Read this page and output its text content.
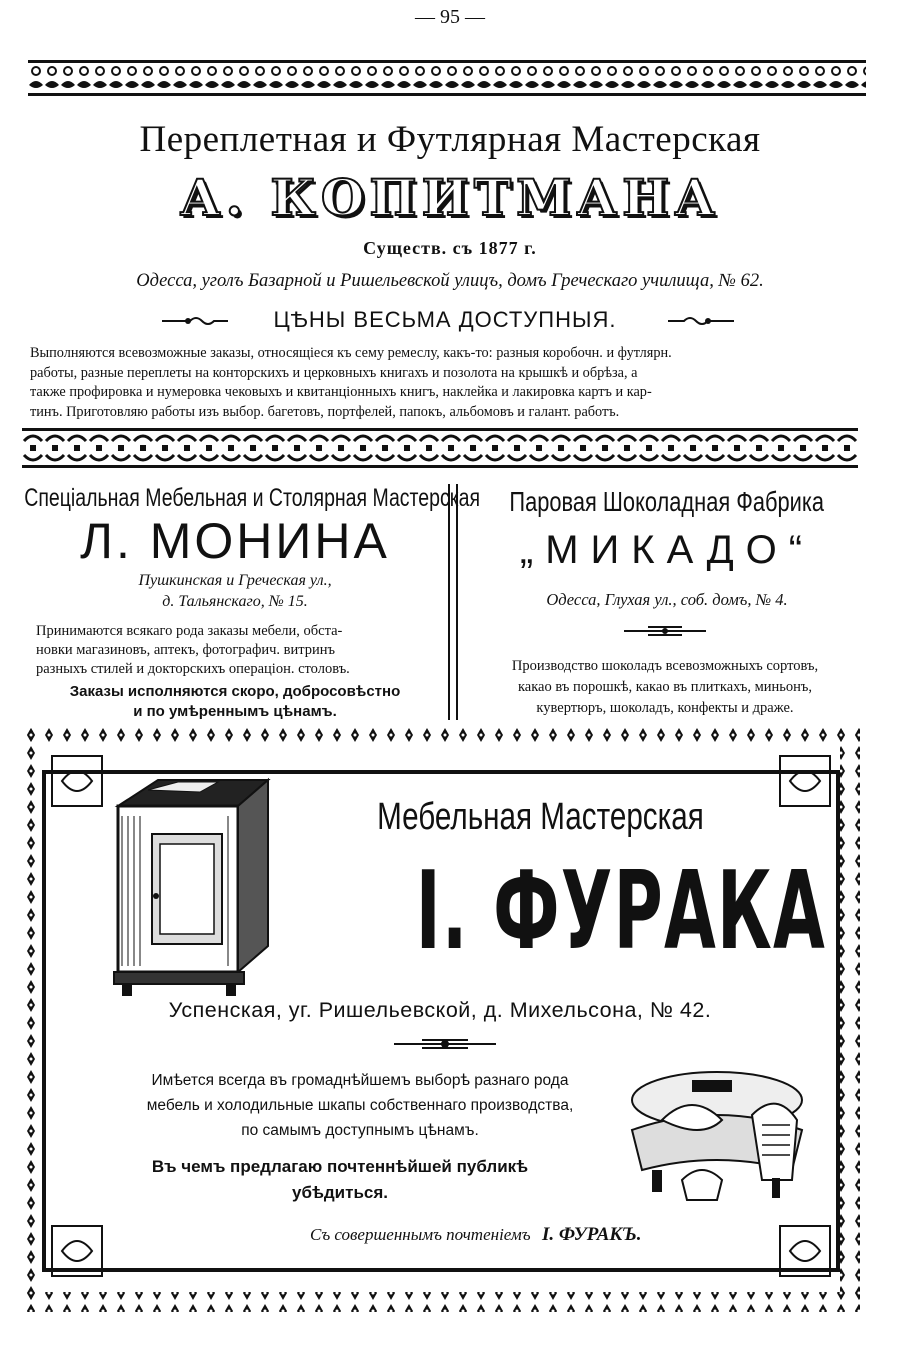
— 95 —
Переплетная и Футлярная Мастерская
А. КОПИТМАНА
Существ. съ 1877 г.
Одесса, уголъ Базарной и Ришельевской улицъ, домъ Греческаго училища, № 62.
ЦѢНЫ ВЕСЬМА ДОСТУПНЫЯ.
Выполняются всевозможные заказы, относящіеся къ сему ремеслу, какъ-то: разныя коробочн. и футлярн.
работы, разные переплеты на конторскихъ и церковныхъ книгахъ и позолота на крышкѣ и обрѣза, а
также профировка и нумеровка чековыхъ и квитанціонныхъ книгъ, наклейка и лакировка картъ и кар-
тинъ. Приготовляю работы изъ выбор. багетовъ, портфелей, папокъ, альбомовъ и галант. работъ.
Спеціальная Мебельная и Столярная Мастерская
Л. МОНИНА
Пушкинская и Греческая ул.,
д. Тальянскаго, № 15.
Принимаются всякаго рода заказы мебели, обста-
новки магазиновъ, аптекъ, фотографич. витринъ
разныхъ стилей и докторскихъ операціон. столовъ.
Заказы исполняются скоро, добросовѣстно
и по умѣреннымъ цѣнамъ.
Паровая Шоколадная Фабрика
„МИКАДО“
Одесса, Глухая ул., соб. домъ, № 4.
Производство шоколадъ всевозможныхъ сортовъ,
какао въ порошкѣ, какао въ плиткахъ, миньонъ,
кувертюръ, шоколадъ, конфекты и драже.
Мебельная Мастерская
І. ФУРАКА
Успенская, уг. Ришельевской, д. Михельсона, № 42.
Имѣется всегда въ громаднѣйшемъ выборѣ разнаго рода
мебель и холодильные шкапы собственнаго производства,
по самымъ доступнымъ цѣнамъ.
Въ чемъ предлагаю почтеннѣйшей публикѣ
убѣдиться.
Съ совершеннымъ почтеніемъ І. ФУРАКЪ.
